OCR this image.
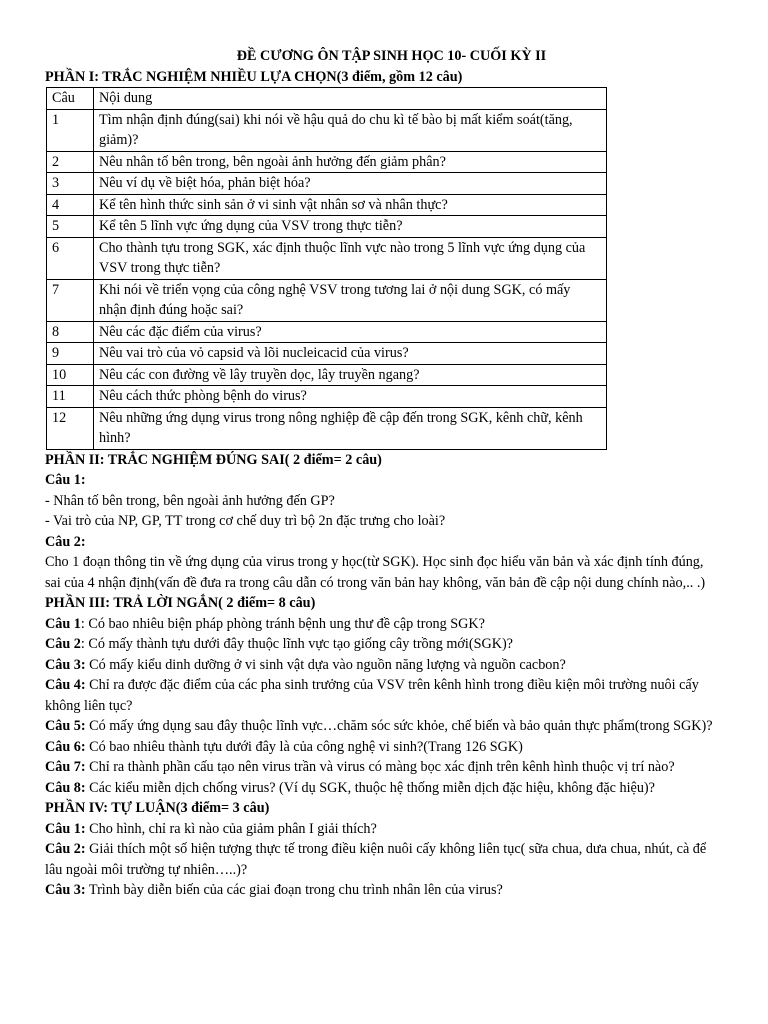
ĐỀ CƯƠNG ÔN TẬP SINH HỌC 10- CUỐI KỲ II

PHẦN I: TRẮC NGHIỆM NHIỀU LỰA CHỌN(3 điểm, gồm 12 câu)

Câu	Nội dung
1	Tìm nhận định đúng(sai) khi nói về hậu quả do chu kì tế bào bị mất kiểm soát(tăng, giảm)?
2	Nêu nhân tố bên trong, bên ngoài ảnh hưởng đến giảm phân?
3	Nêu ví dụ về biệt hóa, phản biệt hóa?
4	Kể tên hình thức sinh sản ở vi sinh vật nhân sơ và nhân thực?
5	Kể tên 5 lĩnh vực ứng dụng của VSV trong thực tiễn?
6	Cho thành tựu trong SGK, xác định thuộc lĩnh vực nào trong 5 lĩnh vực ứng dụng của VSV trong thực tiễn?
7	Khi nói về triển vọng của công nghệ VSV trong tương lai ở nội dung SGK, có mấy nhận định đúng hoặc sai?
8	Nêu các đặc điểm của virus?
9	Nêu vai trò của vỏ capsid và lõi nucleicacid của virus?
10	Nêu các con đường về lây truyền dọc, lây truyền ngang?
11	Nêu cách thức phòng bệnh do virus?
12	Nêu những ứng dụng virus trong nông nghiệp đề cập đến trong SGK, kênh chữ, kênh hình?

PHẦN II: TRẮC NGHIỆM ĐÚNG SAI( 2 điểm= 2 câu)

Câu 1:

- Nhân tố bên trong, bên ngoài ảnh hưởng đến GP?

- Vai trò của NP, GP, TT trong cơ chế duy trì bộ 2n đặc trưng cho loài?

Câu 2:

Cho 1 đoạn thông tin về ứng dụng của virus trong y học(từ SGK). Học sinh đọc hiểu văn bản và xác định tính đúng, sai của 4 nhận định(vấn đề đưa ra trong câu dẫn có trong văn bản hay không, văn bản đề cập nội dung chính nào,.. .)

PHẦN III: TRẢ LỜI NGẮN( 2 điểm= 8 câu)

Câu 1: Có bao nhiêu biện pháp phòng tránh bệnh ung thư đề cập trong SGK?

Câu 2: Có mấy thành tựu dưới đây thuộc lĩnh vực tạo giống cây trồng mới(SGK)?

Câu 3: Có mấy kiểu dinh dưỡng ở vi sinh vật dựa vào nguồn năng lượng và nguồn cacbon?

Câu 4: Chỉ ra được đặc điểm của các pha sinh trưởng của VSV trên kênh hình trong điều kiện môi trường nuôi cấy không liên tục?

Câu 5: Có mấy ứng dụng sau đây thuộc lĩnh vực…chăm sóc sức khỏe, chế biến và bảo quản thực phẩm(trong SGK)?

Câu 6: Có bao nhiêu thành tựu dưới đây là của công nghệ vi sinh?(Trang 126 SGK)

Câu 7: Chỉ ra thành phần cấu tạo nên virus trần và virus có màng bọc xác định trên kênh hình thuộc vị trí nào?

Câu 8: Các kiểu miễn dịch chống virus? (Ví dụ SGK, thuộc hệ thống miễn dịch đặc hiệu, không đặc hiệu)?

PHẦN IV: TỰ LUẬN(3 điểm= 3 câu)

Câu 1: Cho hình, chỉ ra kì nào của giảm phân I giải thích?

Câu 2: Giải thích một số hiện tượng thực tế trong điều kiện nuôi cấy không liên tục( sữa chua, dưa chua, nhút, cà để lâu ngoài môi trường tự nhiên…..)?

Câu 3: Trình bày diễn biến của các giai đoạn trong chu trình nhân lên của virus?
